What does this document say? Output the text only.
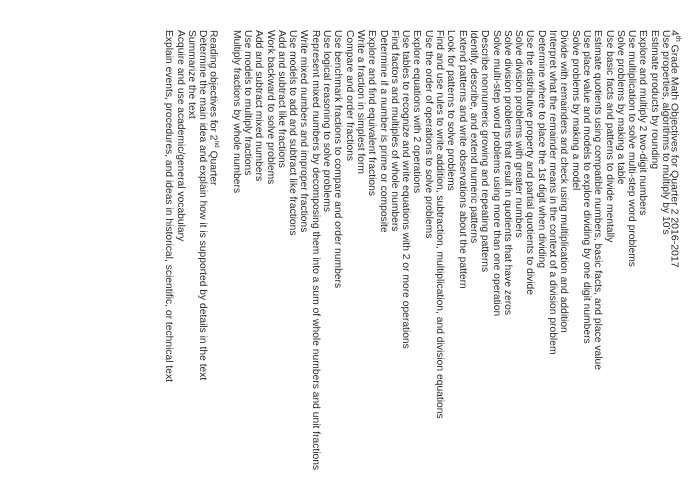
4th Grade Math Objectives for Quarter 2 2016-2017
Use properties, algorithms to multiply by 10's
Estimate products by rounding
Explore and multiply 2 two-digit numbers
Use multiplication to solve multi-step word problems
Solve problems by making a table
Use basic facts and patterns to divide mentally
Estimate quotients using compatible numbers, basic facts, and place value
Use place value and models to explore dividing by one digit numbers
Solve problems by making a model
Divide with remainders and check using multiplication and addition
Interpret what the remainder means in the context of a division problem
Determine where to place the 1st digit when dividing
Use the distributive property and partial quotients to divide
Solve division problems with greater numbers
Solve division problems that result in quotients that have zeros
Solve multi-step word problems using more than one operation
Describe nonnumeric growing and repeating patterns
Identify, describe, and extend numeric patterns
Extend patterns and write observations about the pattern
Look for patterns to solve problems
Find and use rules to write addition, subtraction, multiplication, and division equations
Use the order of operations to solve problems
Explore equations with 2 operations
Use tables to recognize and write equations with 2 or more operations
Find factors and multiples of whole numbers
Determine if a number is prime or composite
Explore and find equivalent fractions
Write a fraction in simplest form
Compare and order fractions
Use benchmark fractions to compare and order numbers
Use logical reasoning to solve problems
Represent mixed numbers by decomposing them into a sum of whole numbers and unit fractions
Write mixed numbers and improper fractions
Use models to add and subtract like fractions
Add and subtract like fractions
Work backward to solve problems
Add and subtract mixed numbers
Use models to multiply fractions
Multiply fractions by whole numbers
Reading objectives for 2nd Quarter
Determine the main idea and explain how it is supported by details in the text
Summarize the text
Acquire and use academic/general vocabulary
Explain events, procedures, and ideas in historical, scientific, or technical text
